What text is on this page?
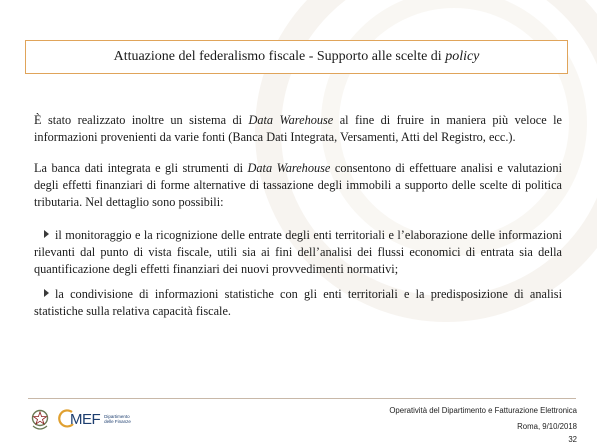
Attuazione del federalismo fiscale - Supporto alle scelte di policy

È stato realizzato inoltre un sistema di Data Warehouse al fine di fruire in maniera più veloce le informazioni provenienti da varie fonti (Banca Dati Integrata, Versamenti, Atti del Registro, ecc.).

La banca dati integrata e gli strumenti di Data Warehouse consentono di effettuare analisi e valutazioni degli effetti finanziari di forme alternative di tassazione degli immobili a supporto delle scelte di politica tributaria. Nel dettaglio sono possibili:

il monitoraggio e la ricognizione delle entrate degli enti territoriali e l’elaborazione delle informazioni rilevanti dal punto di vista fiscale, utili sia ai fini dell’analisi dei flussi economici di entrata sia della quantificazione degli effetti finanziari dei nuovi provvedimenti normativi;

la condivisione di informazioni statistiche con gli enti territoriali e la predisposizione di analisi statistiche sulla relativa capacità fiscale.

MEF Dipartimento
delle Finanze
Operatività del Dipartimento e Fatturazione Elettronica
Roma, 9/10/2018
32
